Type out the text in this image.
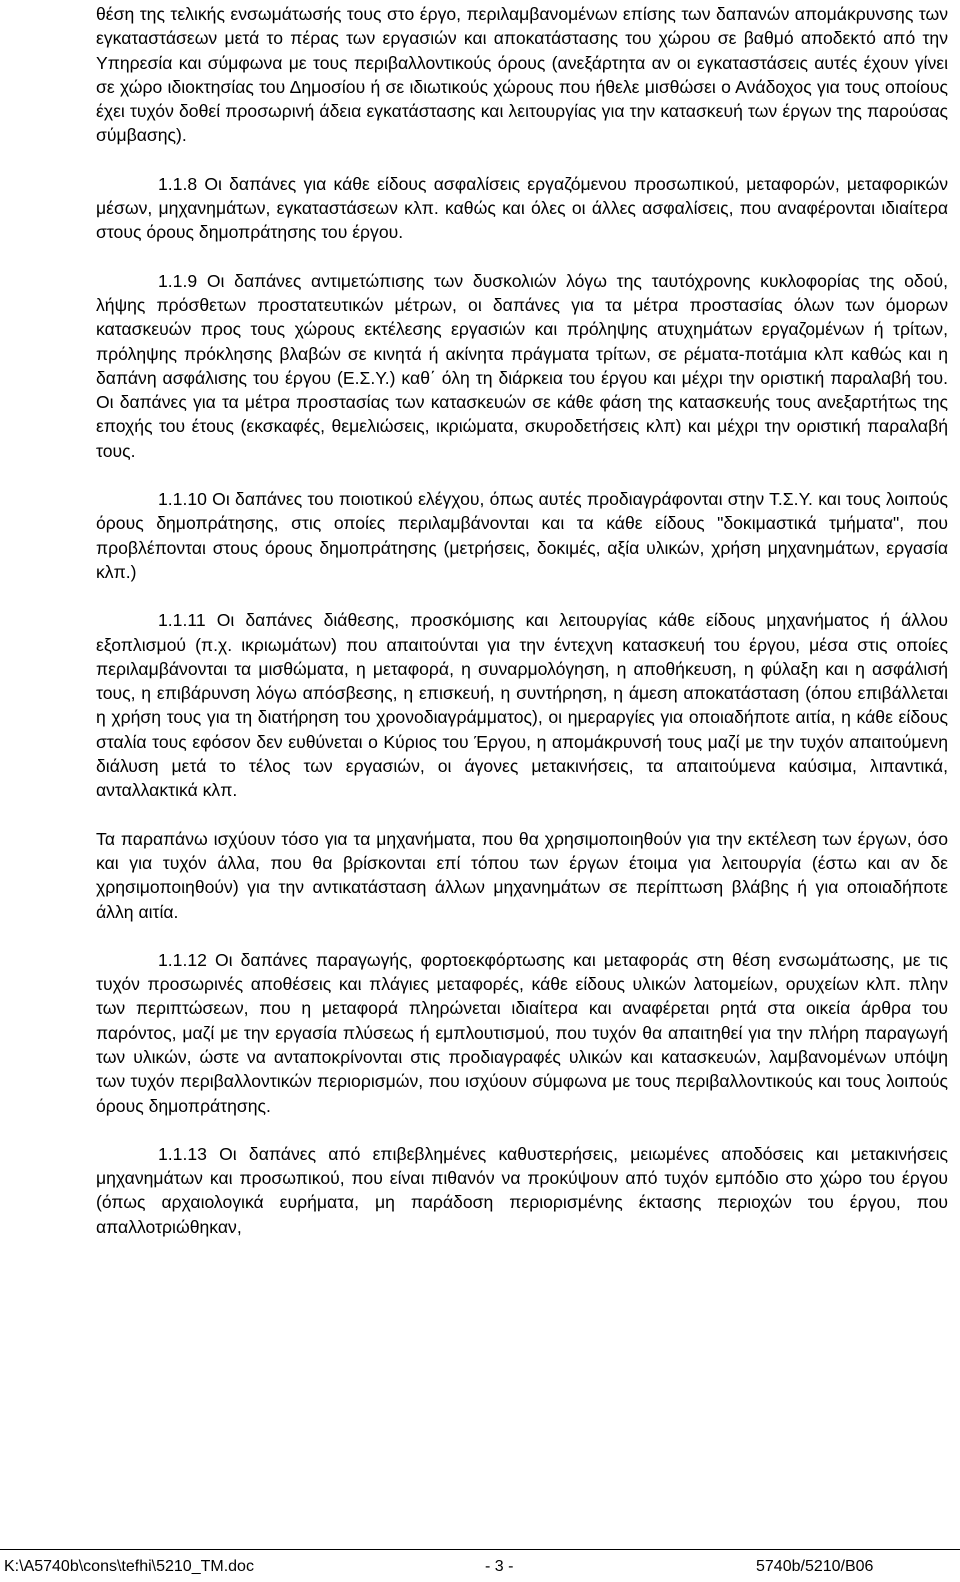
θέση της τελικής ενσωμάτωσής τους στο έργο, περιλαμβανομένων επίσης των δαπανών απομάκρυνσης των εγκαταστάσεων μετά το πέρας των εργασιών και αποκατάστασης του χώρου σε βαθμό αποδεκτό από την Υπηρεσία και σύμφωνα με τους περιβαλλοντικούς όρους (ανεξάρτητα αν οι εγκαταστάσεις αυτές έχουν γίνει σε χώρο ιδιοκτησίας του Δημοσίου ή σε ιδιωτικούς χώρους που ήθελε μισθώσει ο Ανάδοχος για τους οποίους έχει τυχόν δοθεί προσωρινή άδεια εγκατάστασης και λειτουργίας για την κατασκευή των έργων της παρούσας σύμβασης).

1.1.8 Οι δαπάνες για κάθε είδους ασφαλίσεις εργαζόμενου προσωπικού, μεταφορών, μεταφορικών μέσων, μηχανημάτων, εγκαταστάσεων κλπ. καθώς και όλες οι άλλες ασφαλίσεις, που αναφέρονται ιδιαίτερα στους όρους δημοπράτησης του έργου.

1.1.9 Οι δαπάνες αντιμετώπισης των δυσκολιών λόγω της ταυτόχρονης κυκλοφορίας της οδού, λήψης πρόσθετων προστατευτικών μέτρων, οι δαπάνες για τα μέτρα προστασίας όλων των όμορων κατασκευών προς τους χώρους εκτέλεσης εργασιών και πρόληψης ατυχημάτων εργαζομένων ή τρίτων, πρόληψης πρόκλησης βλαβών σε κινητά ή ακίνητα πράγματα τρίτων, σε ρέματα-ποτάμια κλπ καθώς και η δαπάνη ασφάλισης του έργου (Ε.Σ.Υ.) καθ΄ όλη τη διάρκεια του έργου και μέχρι την οριστική παραλαβή του. Οι δαπάνες για τα μέτρα προστασίας των κατασκευών σε κάθε φάση της κατασκευής τους ανεξαρτήτως της εποχής του έτους (εκσκαφές, θεμελιώσεις, ικριώματα, σκυροδετήσεις κλπ) και μέχρι την οριστική παραλαβή τους.

1.1.10 Οι δαπάνες του ποιοτικού ελέγχου, όπως αυτές προδιαγράφονται στην Τ.Σ.Υ. και τους λοιπούς όρους δημοπράτησης, στις οποίες περιλαμβάνονται και τα κάθε είδους "δοκιμαστικά τμήματα", που προβλέπονται στους όρους δημοπράτησης (μετρήσεις, δοκιμές, αξία υλικών, χρήση μηχανημάτων, εργασία κλπ.)

1.1.11 Οι δαπάνες διάθεσης, προσκόμισης και λειτουργίας κάθε είδους μηχανήματος ή άλλου εξοπλισμού (π.χ. ικριωμάτων) που απαιτούνται για την έντεχνη κατασκευή του έργου, μέσα στις οποίες περιλαμβάνονται τα μισθώματα, η μεταφορά, η συναρμολόγηση, η αποθήκευση, η φύλαξη και η ασφάλισή τους, η επιβάρυνση λόγω απόσβεσης, η επισκευή, η συντήρηση, η άμεση αποκατάσταση (όπου επιβάλλεται η χρήση τους για τη διατήρηση του χρονοδιαγράμματος), οι ημεραργίες για οποιαδήποτε αιτία, η κάθε είδους σταλία τους εφόσον δεν ευθύνεται ο Κύριος του Έργου, η απομάκρυνσή τους μαζί με την τυχόν απαιτούμενη διάλυση μετά το τέλος των εργασιών, οι άγονες μετακινήσεις, τα απαιτούμενα καύσιμα, λιπαντικά, ανταλλακτικά κλπ.

Τα παραπάνω ισχύουν τόσο για τα μηχανήματα, που θα χρησιμοποιηθούν για την εκτέλεση των έργων, όσο και για τυχόν άλλα, που θα βρίσκονται επί τόπου των έργων έτοιμα για λειτουργία (έστω και αν δε χρησιμοποιηθούν) για την αντικατάσταση άλλων μηχανημάτων σε περίπτωση βλάβης ή για οποιαδήποτε άλλη αιτία.

1.1.12 Οι δαπάνες παραγωγής, φορτοεκφόρτωσης και μεταφοράς στη θέση ενσωμάτωσης, με τις τυχόν προσωρινές αποθέσεις και πλάγιες μεταφορές, κάθε είδους υλικών λατομείων, ορυχείων κλπ. πλην των περιπτώσεων, που η μεταφορά πληρώνεται ιδιαίτερα και αναφέρεται ρητά στα οικεία άρθρα του παρόντος, μαζί με την εργασία πλύσεως ή εμπλουτισμού, που τυχόν θα απαιτηθεί για την πλήρη παραγωγή των υλικών, ώστε να ανταποκρίνονται στις προδιαγραφές υλικών και κατασκευών, λαμβανομένων υπόψη των τυχόν περιβαλλοντικών περιορισμών, που ισχύουν σύμφωνα με τους περιβαλλοντικούς και τους λοιπούς όρους δημοπράτησης.

1.1.13 Οι δαπάνες από επιβεβλημένες καθυστερήσεις, μειωμένες αποδόσεις και μετακινήσεις μηχανημάτων και προσωπικού, που είναι πιθανόν να προκύψουν από τυχόν εμπόδιο στο χώρο του έργου (όπως αρχαιολογικά ευρήματα, μη παράδοση περιορισμένης έκτασης περιοχών του έργου, που απαλλοτριώθηκαν,

K:\A5740b\cons\tefhi\5210_TM.doc	- 3 -	5740b/5210/B06
